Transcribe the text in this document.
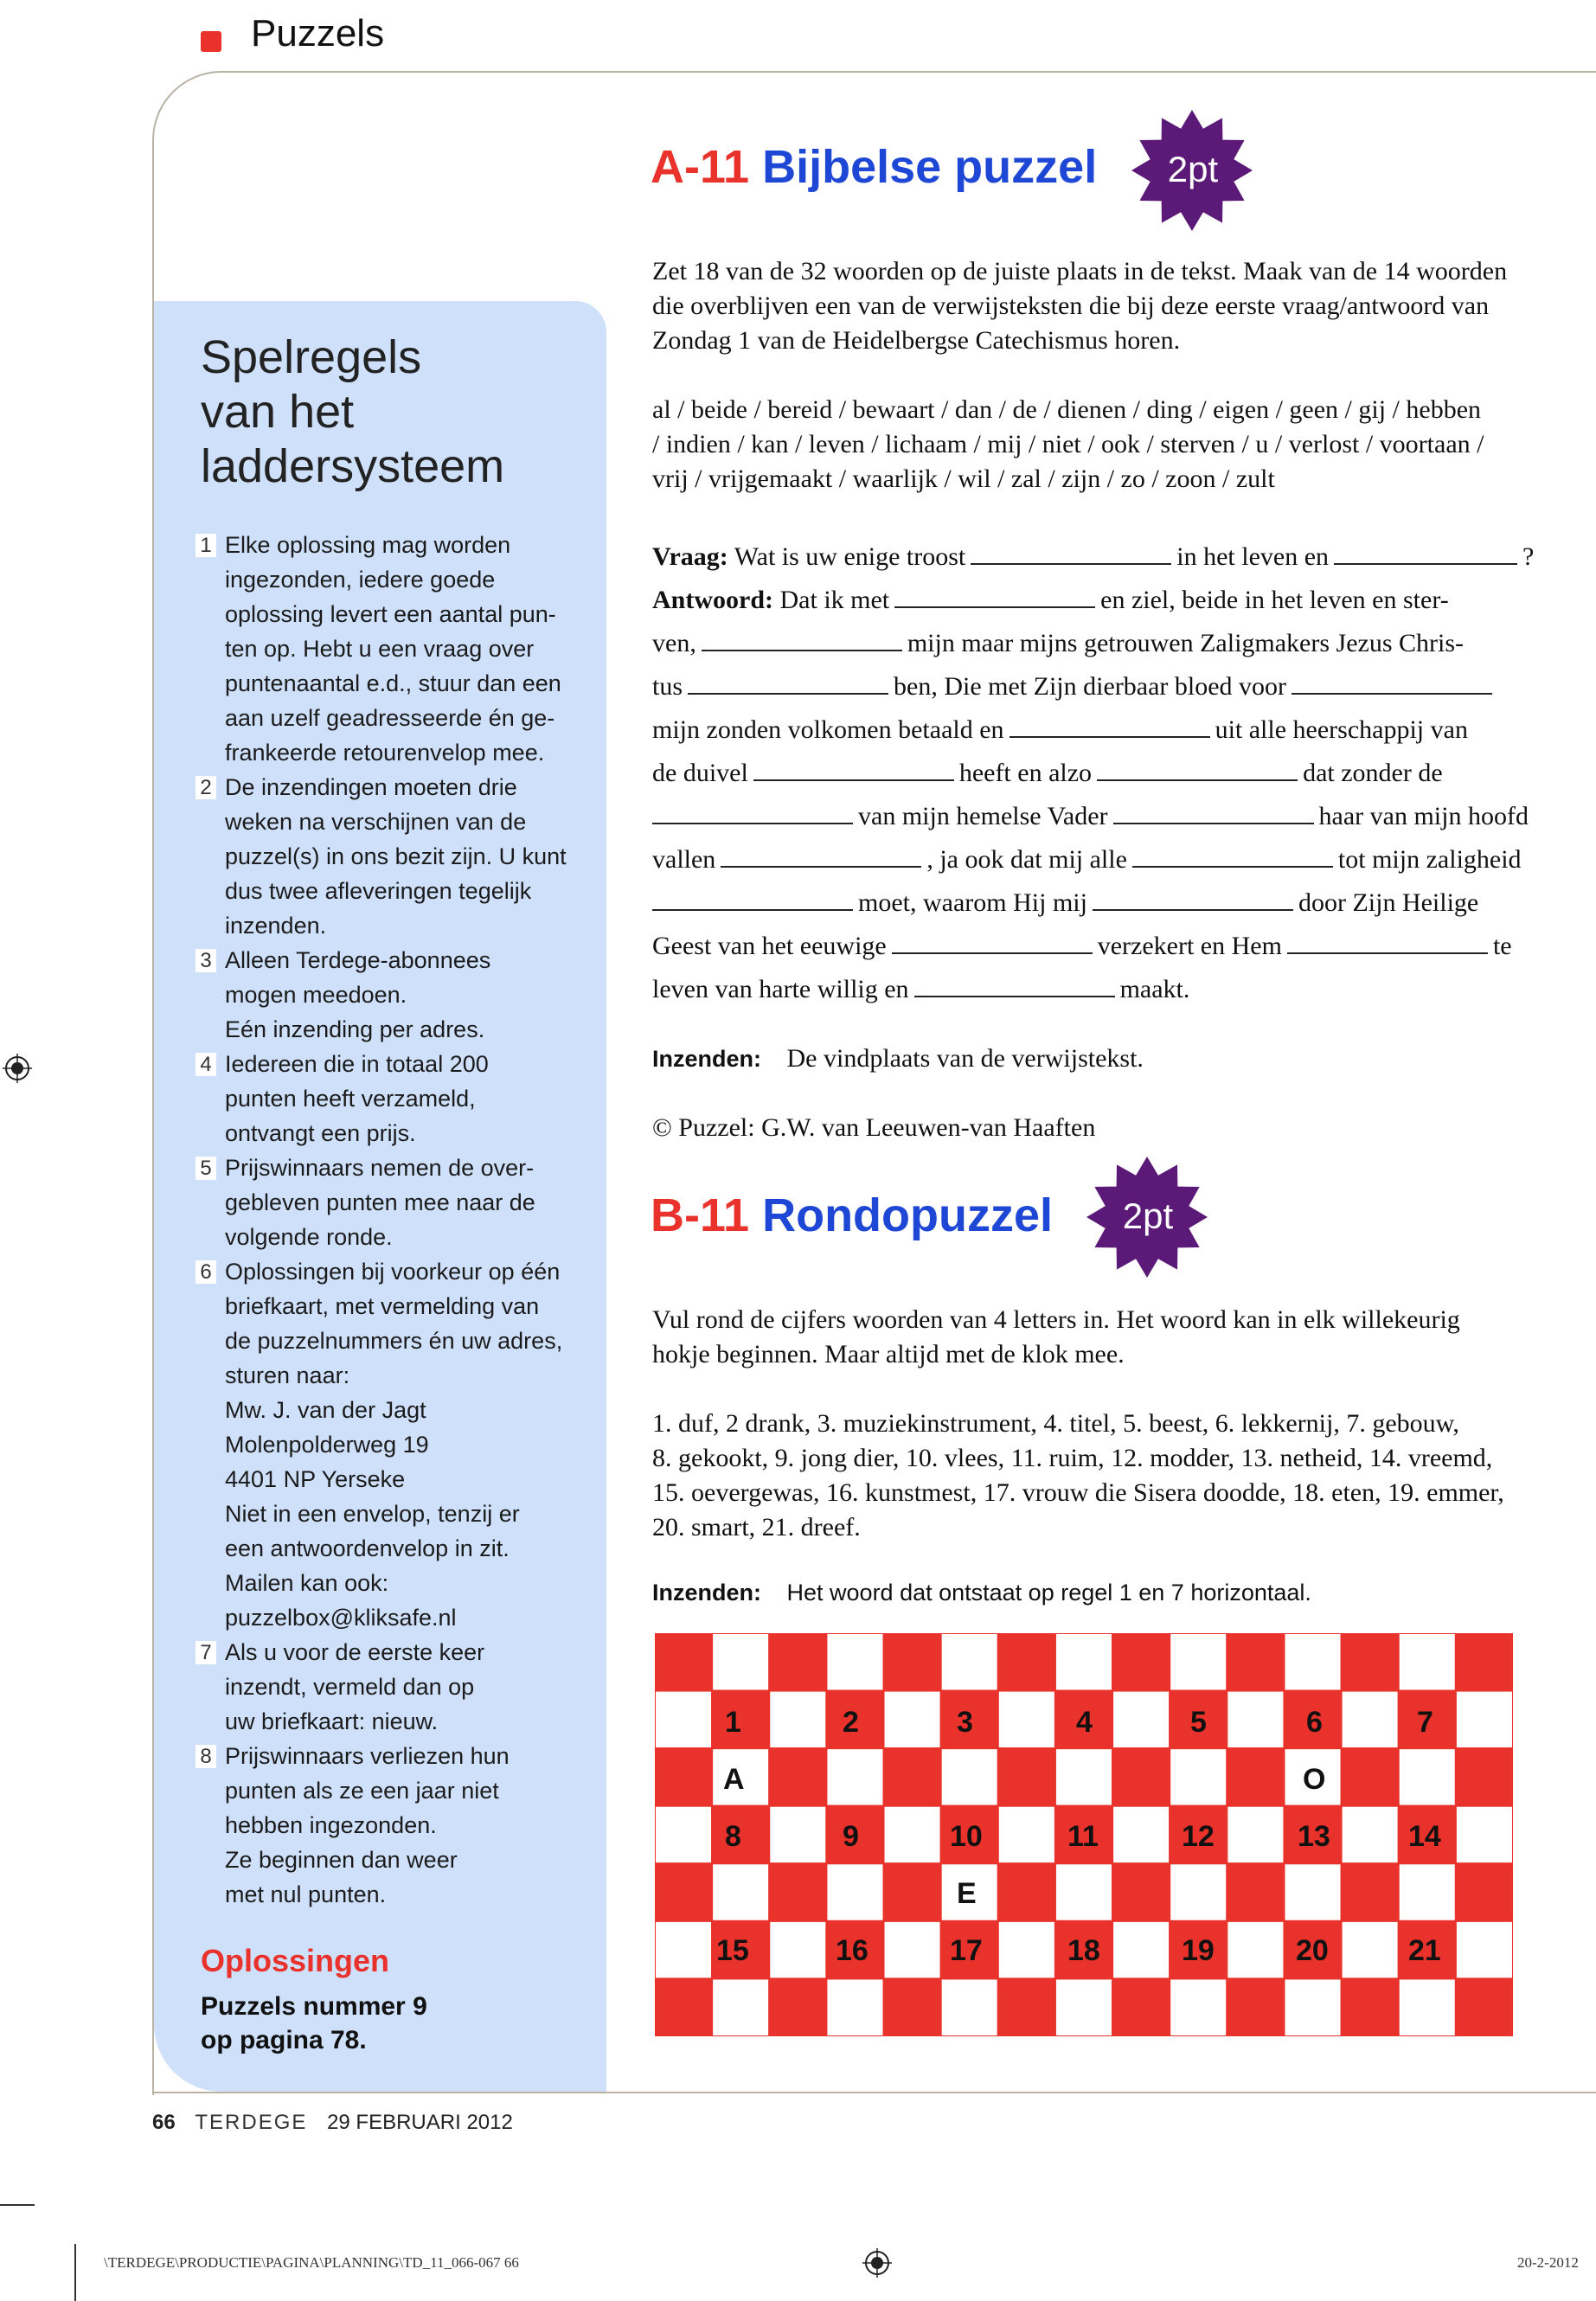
Puzzels
Spelregels
van het
laddersysteem
1 Elke oplossing mag worden
ingezonden, iedere goede
oplossing levert een aantal pun-
ten op. Hebt u een vraag over
puntenaantal e.d., stuur dan een
aan uzelf geadresseerde én ge-
frankeerde retourenvelop mee.
2 De inzendingen moeten drie
weken na verschijnen van de
puzzel(s) in ons bezit zijn. U kunt
dus twee afleveringen tegelijk
inzenden.
3 Alleen Terdege-abonnees
mogen meedoen.
Eén inzending per adres.
4 Iedereen die in totaal 200
punten heeft verzameld,
ontvangt een prijs.
5 Prijswinnaars nemen de over-
gebleven punten mee naar de
volgende ronde.
6 Oplossingen bij voorkeur op één
briefkaart, met vermelding van
de puzzelnummers én uw adres,
sturen naar:
Mw. J. van der Jagt
Molenpolderweg 19
4401 NP Yerseke
Niet in een envelop, tenzij er
een antwoordenvelop in zit.
Mailen kan ook:
puzzelbox@kliksafe.nl
7 Als u voor de eerste keer
inzendt, vermeld dan op
uw briefkaart: nieuw.
8 Prijswinnaars verliezen hun
punten als ze een jaar niet
hebben ingezonden.
Ze beginnen dan weer
met nul punten.
Oplossingen
Puzzels nummer 9
op pagina 78.
A-11 Bijbelse puzzel	2pt
Zet 18 van de 32 woorden op de juiste plaats in de tekst. Maak van de 14 woorden
die overblijven een van de verwijsteksten die bij deze eerste vraag/antwoord van
Zondag 1 van de Heidelbergse Catechismus horen.
al / beide / bereid / bewaart / dan / de / dienen / ding / eigen / geen / gij / hebben
/ indien / kan / leven / lichaam / mij / niet / ook / sterven / u / verlost / voortaan /
vrij / vrijgemaakt / waarlijk / wil / zal / zijn / zo / zoon / zult
Vraag: Wat is uw enige troost	in het leven en	?
Antwoord: Dat ik met	en ziel, beide in het leven en ster-
ven,	mijn maar mijns getrouwen Zaligmakers Jezus Chris-
tus	ben, Die met Zijn dierbaar bloed voor
mijn zonden volkomen betaald en	uit alle heerschappij van
de duivel	heeft en alzo	dat zonder de
van mijn hemelse Vader	haar van mijn hoofd
vallen	, ja ook dat mij alle	tot mijn zaligheid
moet, waarom Hij mij	door Zijn Heilige
Geest van het eeuwige	verzekert en Hem	te
leven van harte willig en	maakt.
Inzenden: De vindplaats van de verwijstekst.
© Puzzel: G.W. van Leeuwen-van Haaften
B-11 Rondopuzzel	2pt
Vul rond de cijfers woorden van 4 letters in. Het woord kan in elk willekeurig
hokje beginnen. Maar altijd met de klok mee.
1. duf, 2 drank, 3. muziekinstrument, 4. titel, 5. beest, 6. lekkernij, 7. gebouw,
8. gekookt, 9. jong dier, 10. vlees, 11. ruim, 12. modder, 13. netheid, 14. vreemd,
15. oevergewas, 16. kunstmest, 17. vrouw die Sisera doodde, 18. eten, 19. emmer,
20. smart, 21. dreef.
Inzenden: Het woord dat ontstaat op regel 1 en 7 horizontaal.
1	2	3	4	5	6	7
A	O
8	9	10	11	12	13	14
E
15	16	17	18	19	20	21
66 TERDEGE 29 FEBRUARI 2012
\TERDEGE\PRODUCTIE\PAGINA\PLANNING\TD_11_066-067 66	20-2-2012
